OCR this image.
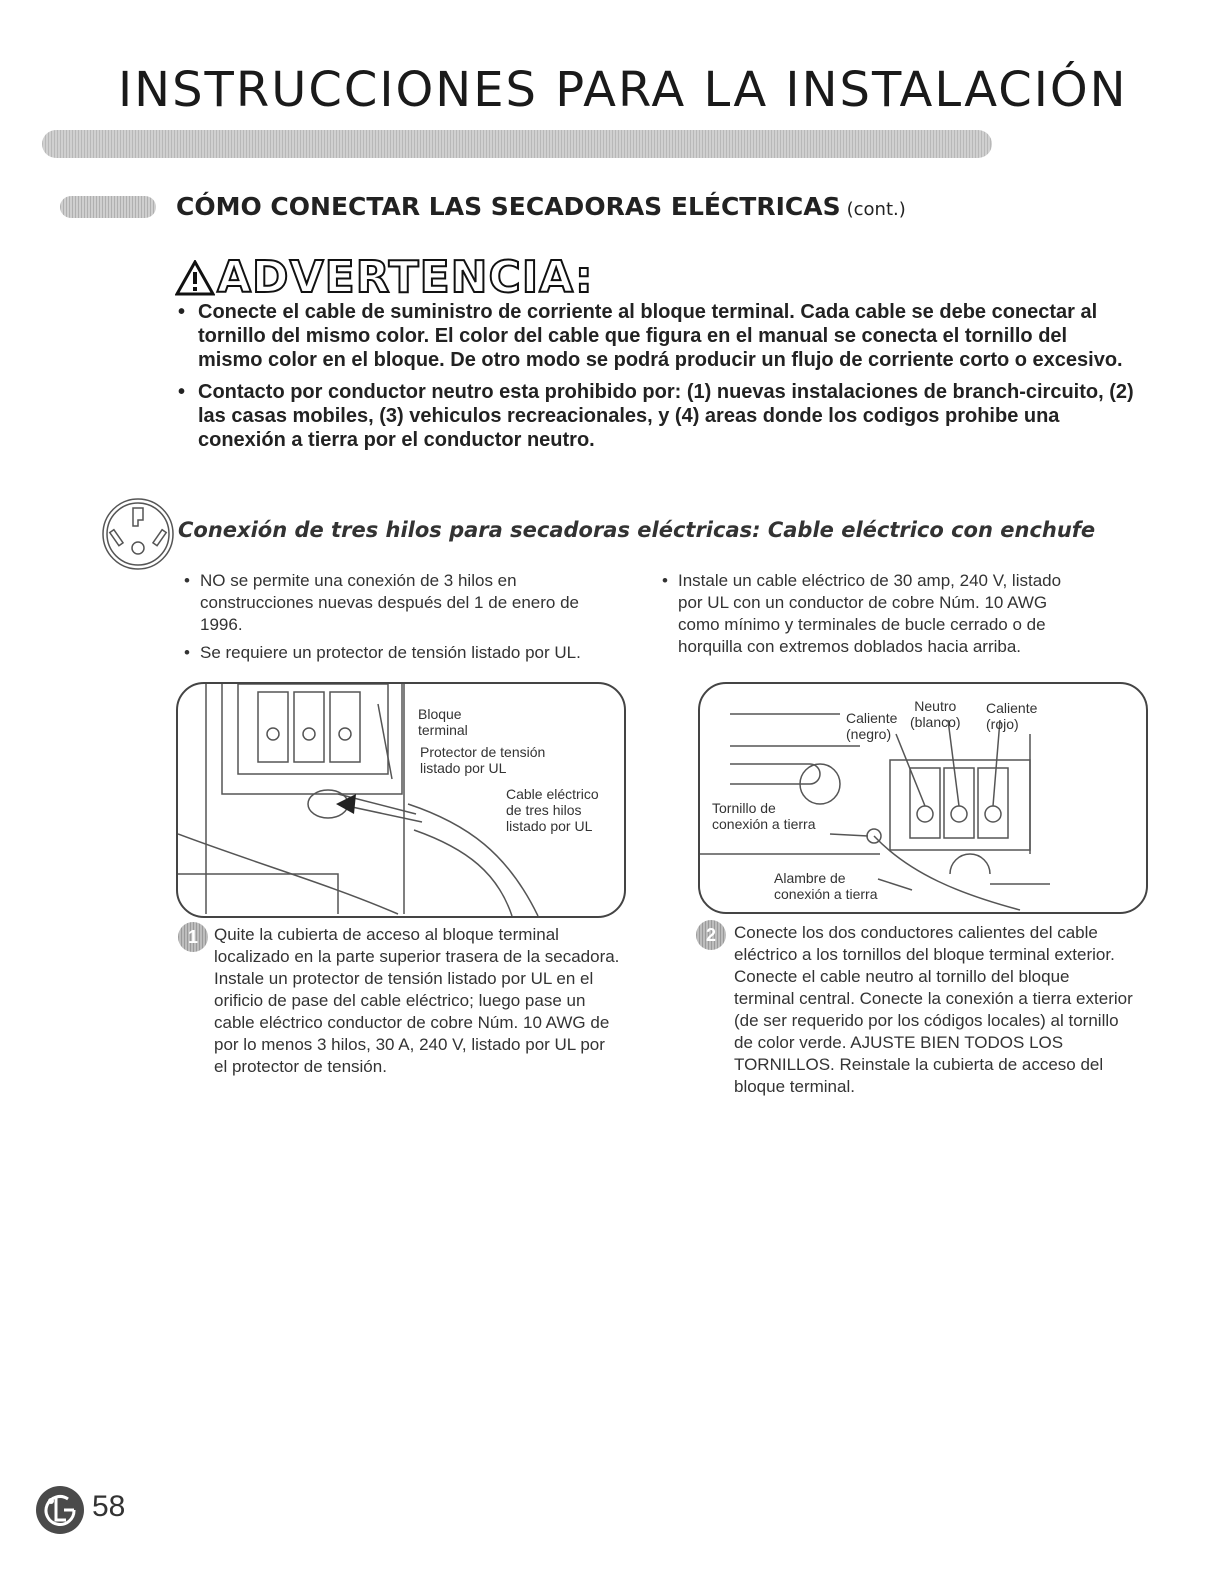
INSTRUCCIONES PARA LA INSTALACIÓN
CÓMO CONECTAR LAS SECADORAS ELÉCTRICAS (cont.)
ADVERTENCIA:
• Conecte el cable de suministro de corriente al bloque terminal. Cada cable se debe conectar al tornillo del mismo color. El color del cable que figura en el manual se conecta el tornillo del mismo color en el bloque. De otro modo se podrá producir un flujo de corriente corto o excesivo.
• Contacto por conductor neutro esta prohibido por: (1) nuevas instalaciones de branch-circuito, (2) las casas mobiles, (3) vehiculos recreacionales, y (4) areas donde los codigos prohibe una conexión a tierra por el conductor neutro.
Conexión de tres hilos para secadoras eléctricas: Cable eléctrico con enchufe
• NO se permite una conexión de 3 hilos en construcciones nuevas después del 1 de enero de 1996.
• Se requiere un protector de tensión listado por UL.
• Instale un cable eléctrico de 30 amp, 240 V, listado por UL con un conductor de cobre Núm. 10 AWG como mínimo y terminales de bucle cerrado o de horquilla con extremos doblados hacia arriba.
Bloque
terminal
Protector de tensión
listado por UL
Cable eléctrico
de tres hilos
listado por UL
Caliente
(negro)
Neutro
(blanco)
Caliente
(rojo)
Tornillo de
conexión a tierra
Alambre de
conexión a tierra
1 Quite la cubierta de acceso al bloque terminal localizado en la parte superior trasera de la secadora. Instale un protector de tensión listado por UL en el orificio de pase del cable eléctrico; luego pase un cable eléctrico conductor de cobre Núm. 10 AWG de por lo menos 3 hilos, 30 A, 240 V, listado por UL por el protector de tensión.
2	Conecte los dos conductores calientes del cable eléctrico a los tornillos del bloque terminal exterior. Conecte el cable neutro al tornillo del bloque terminal central. Conecte la conexión a tierra exterior (de ser requerido por los códigos locales) al tornillo de color verde. AJUSTE BIEN TODOS LOS TORNILLOS. Reinstale la cubierta de acceso del bloque terminal.
58
